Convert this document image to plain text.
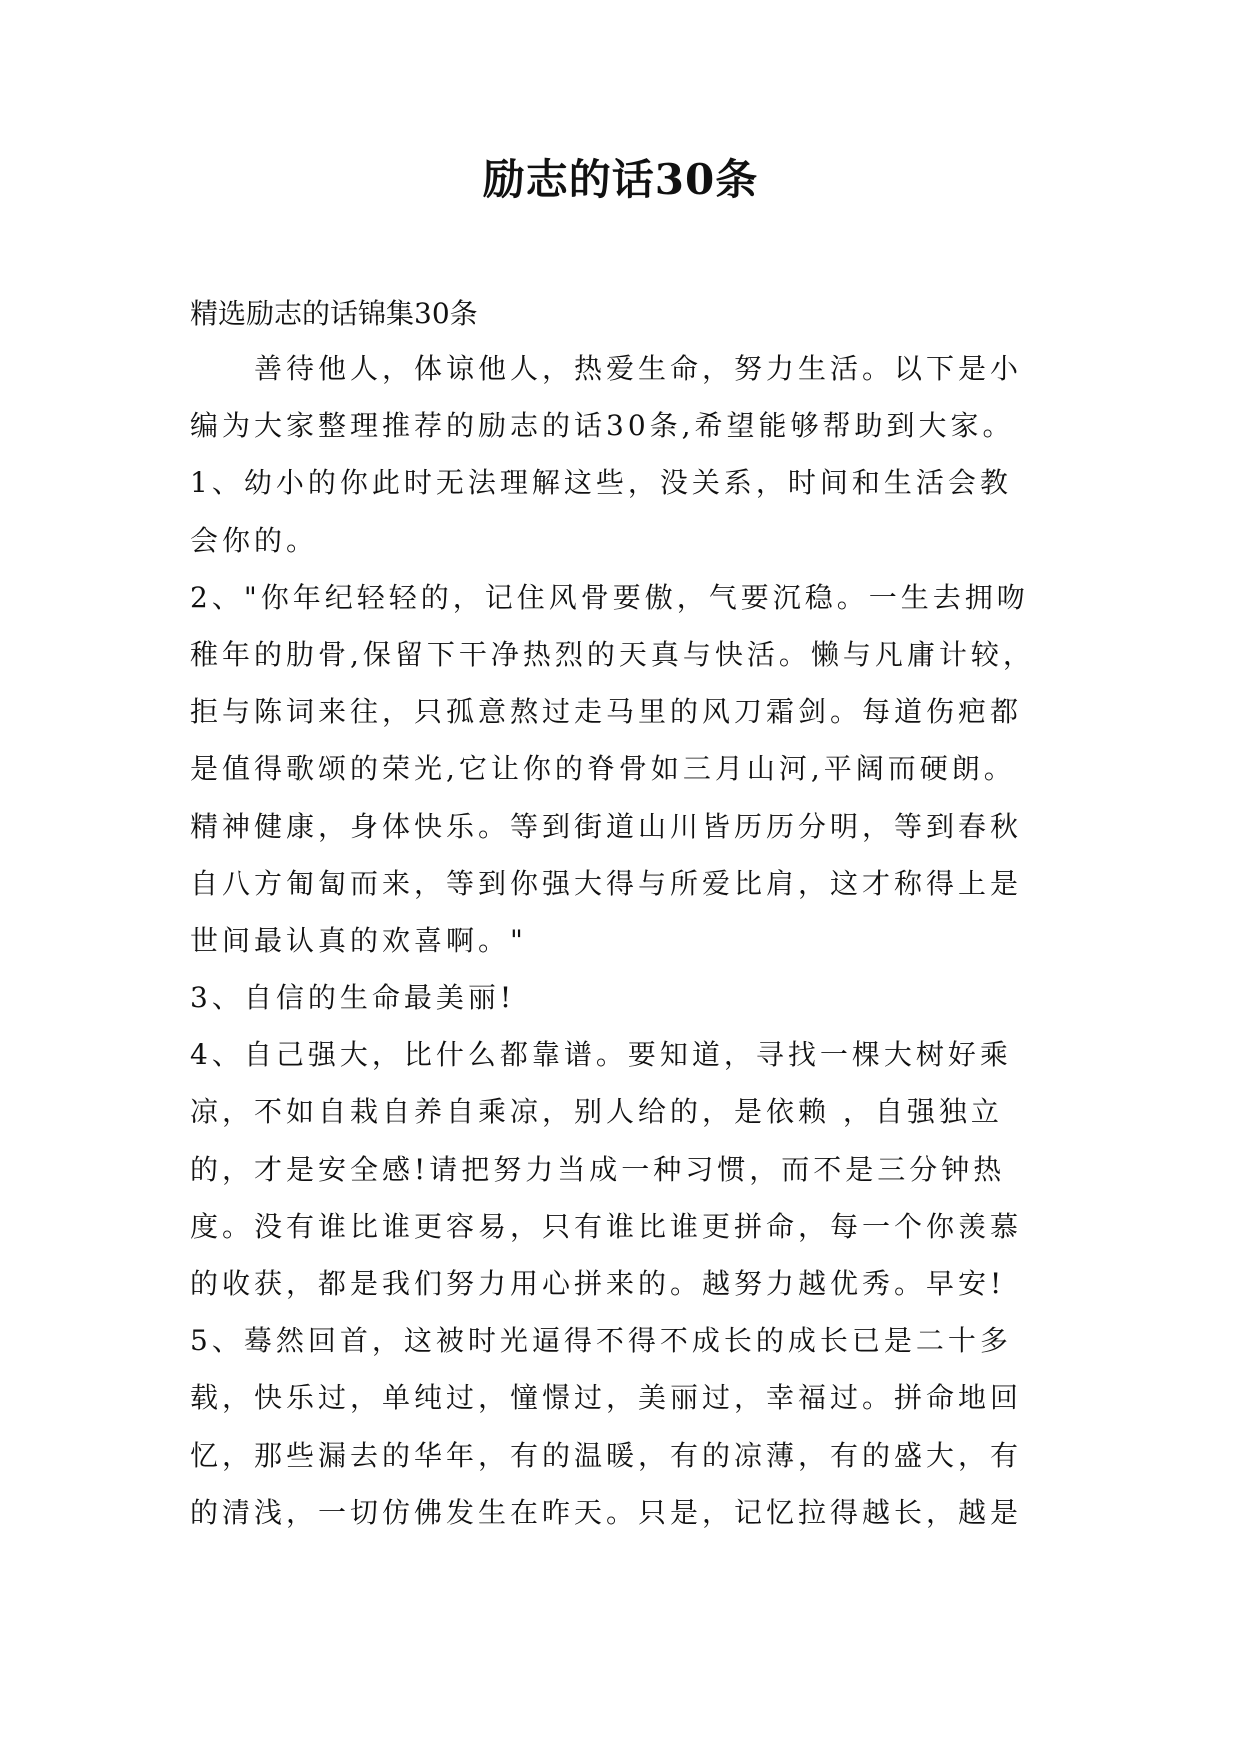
励志的话30条

精选励志的话锦集30条

善待他人，体谅他人，热爱生命，努力生活。以下是小
编为大家整理推荐的励志的话30条,希望能够帮助到大家。
1、幼小的你此时无法理解这些，没关系，时间和生活会教
会你的。
2、"你年纪轻轻的，记住风骨要傲，气要沉稳。一生去拥吻
稚年的肋骨,保留下干净热烈的天真与快活。懒与凡庸计较，
拒与陈词来往，只孤意熬过走马里的风刀霜剑。每道伤疤都
是值得歌颂的荣光,它让你的脊骨如三月山河,平阔而硬朗。
精神健康，身体快乐。等到街道山川皆历历分明，等到春秋
自八方匍匐而来，等到你强大得与所爱比肩，这才称得上是
世间最认真的欢喜啊。"
3、自信的生命最美丽!
4、自己强大，比什么都靠谱。要知道，寻找一棵大树好乘
凉，不如自栽自养自乘凉，别人给的，是依赖 ，自强独立
的，才是安全感!请把努力当成一种习惯，而不是三分钟热
度。没有谁比谁更容易，只有谁比谁更拼命，每一个你羡慕
的收获，都是我们努力用心拼来的。越努力越优秀。早安!
5、蓦然回首，这被时光逼得不得不成长的成长已是二十多
载，快乐过，单纯过，憧憬过，美丽过，幸福过。拼命地回
忆，那些漏去的华年，有的温暖，有的凉薄，有的盛大，有
的清浅，一切仿佛发生在昨天。只是，记忆拉得越长，越是
